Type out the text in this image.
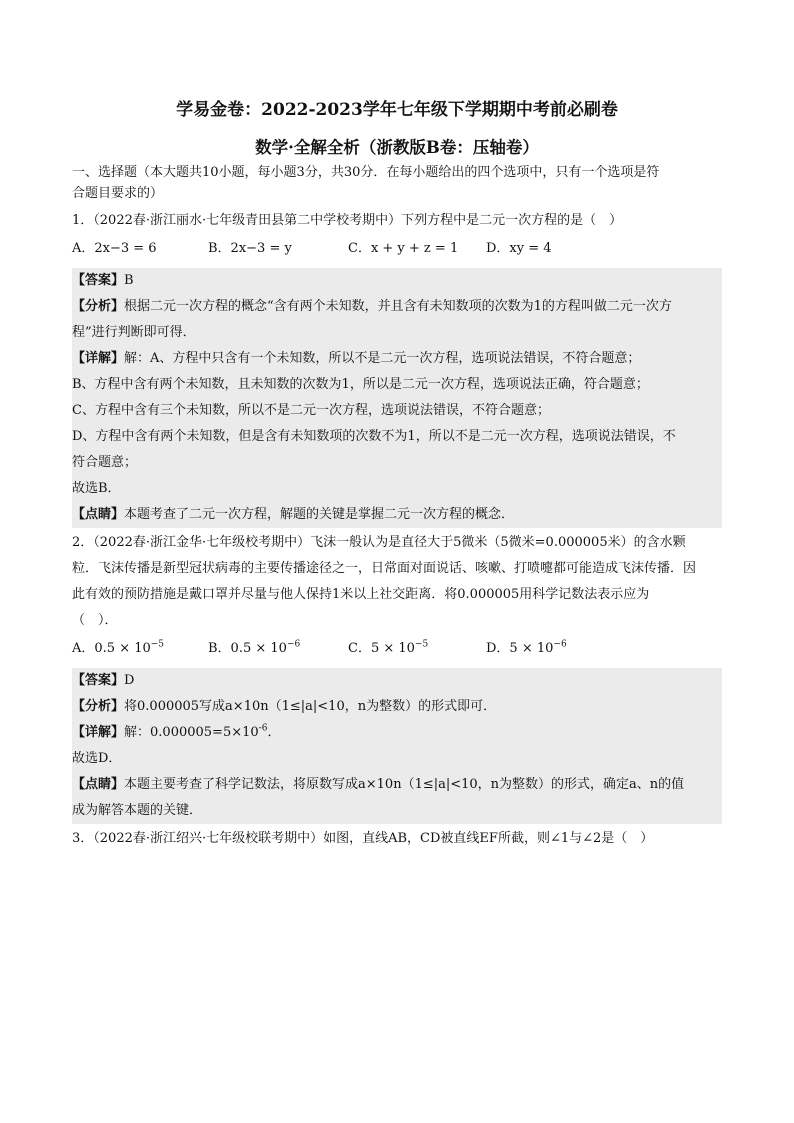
学易金卷：2022-2023学年七年级下学期期中考前必刷卷
数学·全解全析（浙教版B卷：压轴卷）

一、选择题（本大题共10小题，每小题3分，共30分．在每小题给出的四个选项中，只有一个选项是符

合题目要求的）

1．（2022春·浙江丽水·七年级青田县第二中学校考期中）下列方程中是二元一次方程的是（　）

A．2x−3 = 6	B．2x−3 = y	C．x + y + z = 1	D．xy = 4

【答案】B

【分析】根据二元一次方程的概念“含有两个未知数，并且含有未知数项的次数为1的方程叫做二元一次方

程”进行判断即可得．

【详解】解：A、方程中只含有一个未知数，所以不是二元一次方程，选项说法错误，不符合题意；

B、方程中含有两个未知数，且未知数的次数为1，所以是二元一次方程，选项说法正确，符合题意；

C、方程中含有三个未知数，所以不是二元一次方程，选项说法错误，不符合题意；

D、方程中含有两个未知数，但是含有未知数项的次数不为1，所以不是二元一次方程，选项说法错误，不

符合题意；

故选B．

【点睛】本题考查了二元一次方程，解题的关键是掌握二元一次方程的概念．

2．（2022春·浙江金华·七年级校考期中）飞沫一般认为是直径大于5微米（5微米=0.000005米）的含水颗

粒．飞沫传播是新型冠状病毒的主要传播途径之一，日常面对面说话、咳嗽、打喷嚏都可能造成飞沫传播．因

此有效的预防措施是戴口罩并尽量与他人保持1米以上社交距离．将0.000005用科学记数法表示应为

（　）．

A．$0.5 \times 10^{-5}$	B．$0.5 \times 10^{-6}$	C．$5 \times 10^{-5}$	D．$5 \times 10^{-6}$

【答案】D

【分析】将0.000005写成a×10n（1≤|a|<10，n为整数）的形式即可．

【详解】解：$0.000005=5\times 10^{-6}$．

故选D．

【点睛】本题主要考查了科学记数法，将原数写成a×10n（1≤|a|<10，n为整数）的形式，确定a、n的值

成为解答本题的关键．

3．（2022春·浙江绍兴·七年级校联考期中）如图，直线AB，CD被直线EF所截，则∠1与∠2是（　）
